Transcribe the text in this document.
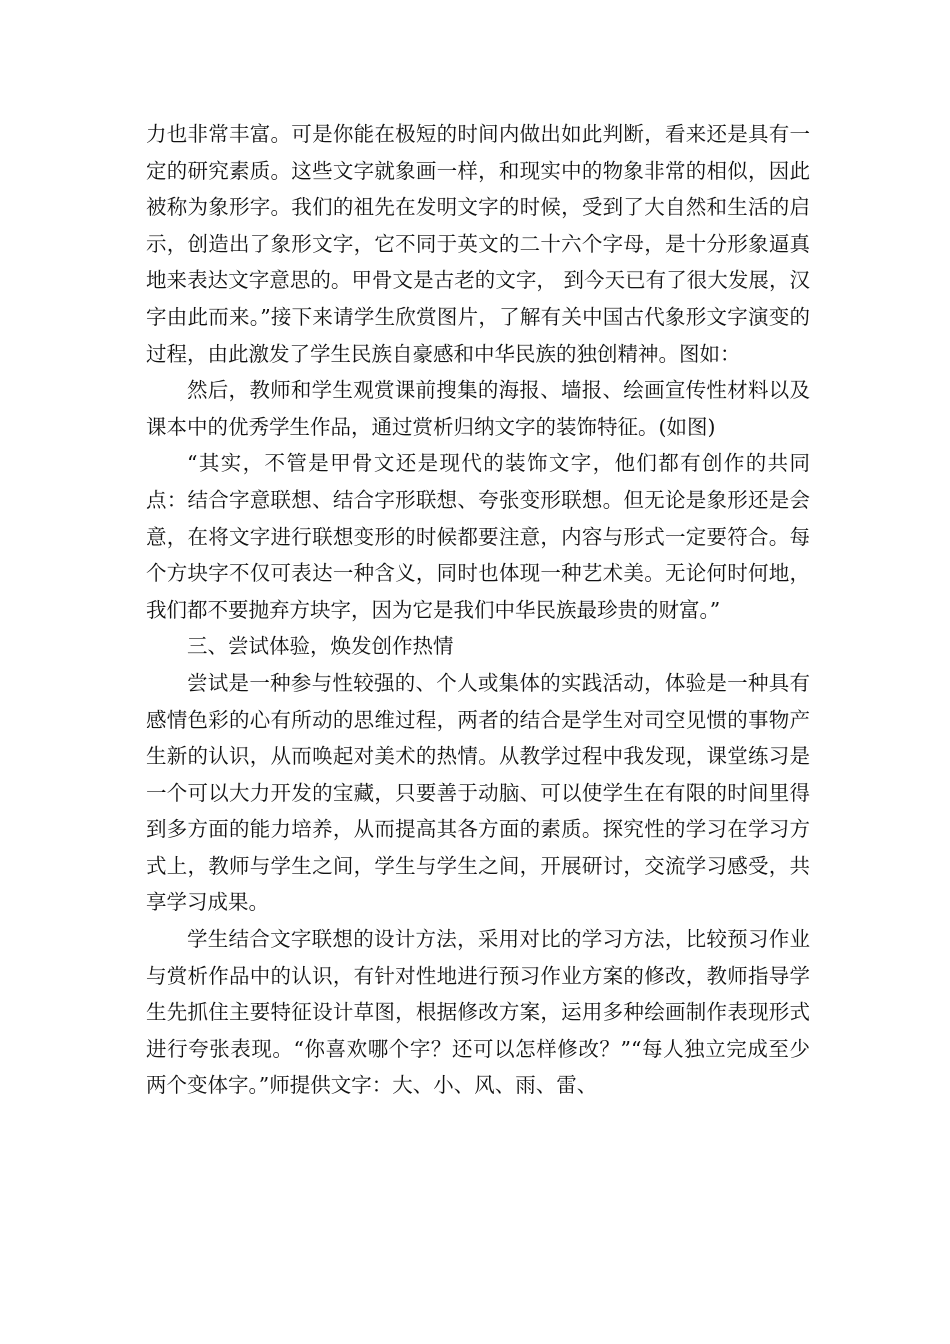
力也非常丰富。可是你能在极短的时间内做出如此判断，看来还是具有一定的研究素质。这些文字就象画一样，和现实中的物象非常的相似，因此被称为象形字。我们的祖先在发明文字的时候，受到了大自然和生活的启示，创造出了象形文字，它不同于英文的二十六个字母，是十分形象逼真地来表达文字意思的。甲骨文是古老的文字， 到今天已有了很大发展，汉字由此而来。”接下来请学生欣赏图片，了解有关中国古代象形文字演变的过程，由此激发了学生民族自豪感和中华民族的独创精神。图如：

然后，教师和学生观赏课前搜集的海报、墙报、绘画宣传性材料以及课本中的优秀学生作品，通过赏析归纳文字的装饰特征。(如图)

“其实，不管是甲骨文还是现代的装饰文字，他们都有创作的共同点：结合字意联想、结合字形联想、夸张变形联想。但无论是象形还是会意，在将文字进行联想变形的时候都要注意，内容与形式一定要符合。每个方块字不仅可表达一种含义，同时也体现一种艺术美。无论何时何地，我们都不要抛弃方块字，因为它是我们中华民族最珍贵的财富。”

三、尝试体验，焕发创作热情

尝试是一种参与性较强的、个人或集体的实践活动，体验是一种具有感情色彩的心有所动的思维过程，两者的结合是学生对司空见惯的事物产生新的认识，从而唤起对美术的热情。从教学过程中我发现，课堂练习是一个可以大力开发的宝藏，只要善于动脑、可以使学生在有限的时间里得到多方面的能力培养，从而提高其各方面的素质。探究性的学习在学习方式上，教师与学生之间，学生与学生之间，开展研讨，交流学习感受，共享学习成果。

学生结合文字联想的设计方法，采用对比的学习方法，比较预习作业与赏析作品中的认识，有针对性地进行预习作业方案的修改，教师指导学生先抓住主要特征设计草图，根据修改方案，运用多种绘画制作表现形式进行夸张表现。“你喜欢哪个字？还可以怎样修改？”“每人独立完成至少两个变体字。”师提供文字：大、小、风、雨、雷、
